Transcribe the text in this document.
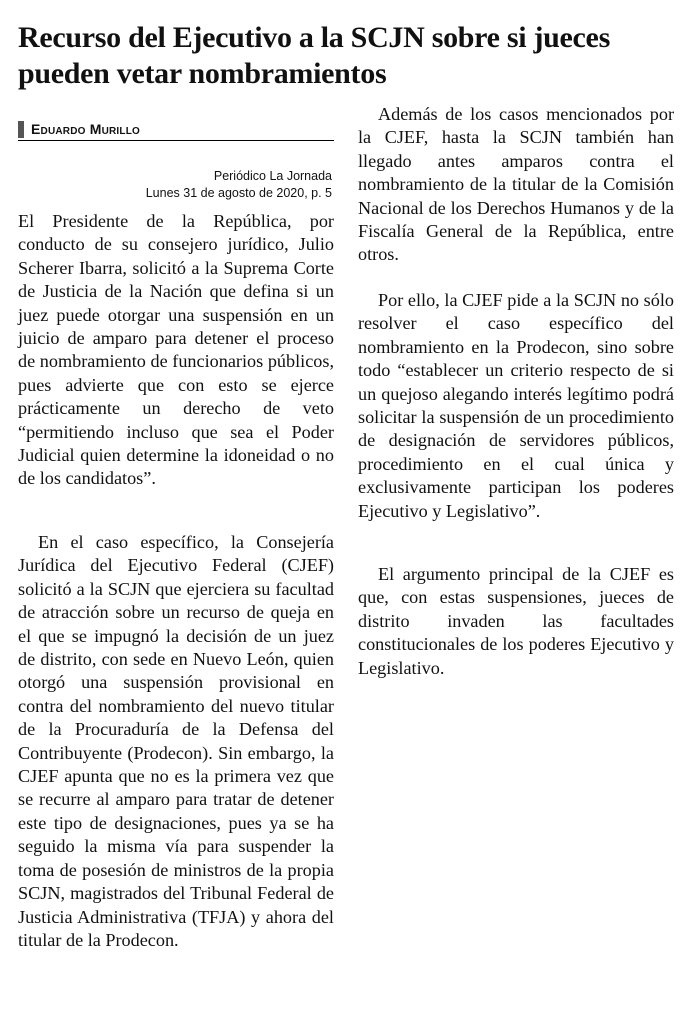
Recurso del Ejecutivo a la SCJN sobre si jueces pueden vetar nombramientos
Eduardo Murillo
Periódico La Jornada
Lunes 31 de agosto de 2020, p. 5

El Presidente de la República, por conducto de su consejero jurídico, Julio Scherer Ibarra, solicitó a la Suprema Corte de Justicia de la Nación que defina si un juez puede otorgar una suspensión en un juicio de amparo para detener el proceso de nombramiento de funcionarios públicos, pues advierte que con esto se ejerce prácticamente un derecho de veto “permitiendo incluso que sea el Poder Judicial quien determine la idoneidad o no de los candidatos”.

En el caso específico, la Consejería Jurídica del Ejecutivo Federal (CJEF) solicitó a la SCJN que ejerciera su facultad de atracción sobre un recurso de queja en el que se impugnó la decisión de un juez de distrito, con sede en Nuevo León, quien otorgó una suspensión provisional en contra del nombramiento del nuevo titular de la Procuraduría de la Defensa del Contribuyente (Prodecon). Sin embargo, la CJEF apunta que no es la primera vez que se recurre al amparo para tratar de detener este tipo de designaciones, pues ya se ha seguido la misma vía para suspender la toma de posesión de ministros de la propia SCJN, magistrados del Tribunal Federal de Justicia Administrativa (TFJA) y ahora del titular de la Prodecon.

Además de los casos mencionados por la CJEF, hasta la SCJN también han llegado antes amparos contra el nombramiento de la titular de la Comisión Nacional de los Derechos Humanos y de la Fiscalía General de la República, entre otros.

Por ello, la CJEF pide a la SCJN no sólo resolver el caso específico del nombramiento en la Prodecon, sino sobre todo “establecer un criterio respecto de si un quejoso alegando interés legítimo podrá solicitar la suspensión de un procedimiento de designación de servidores públicos, procedimiento en el cual única y exclusivamente participan los poderes Ejecutivo y Legislativo”.

El argumento principal de la CJEF es que, con estas suspensiones, jueces de distrito invaden las facultades constitucionales de los poderes Ejecutivo y Legislativo.
